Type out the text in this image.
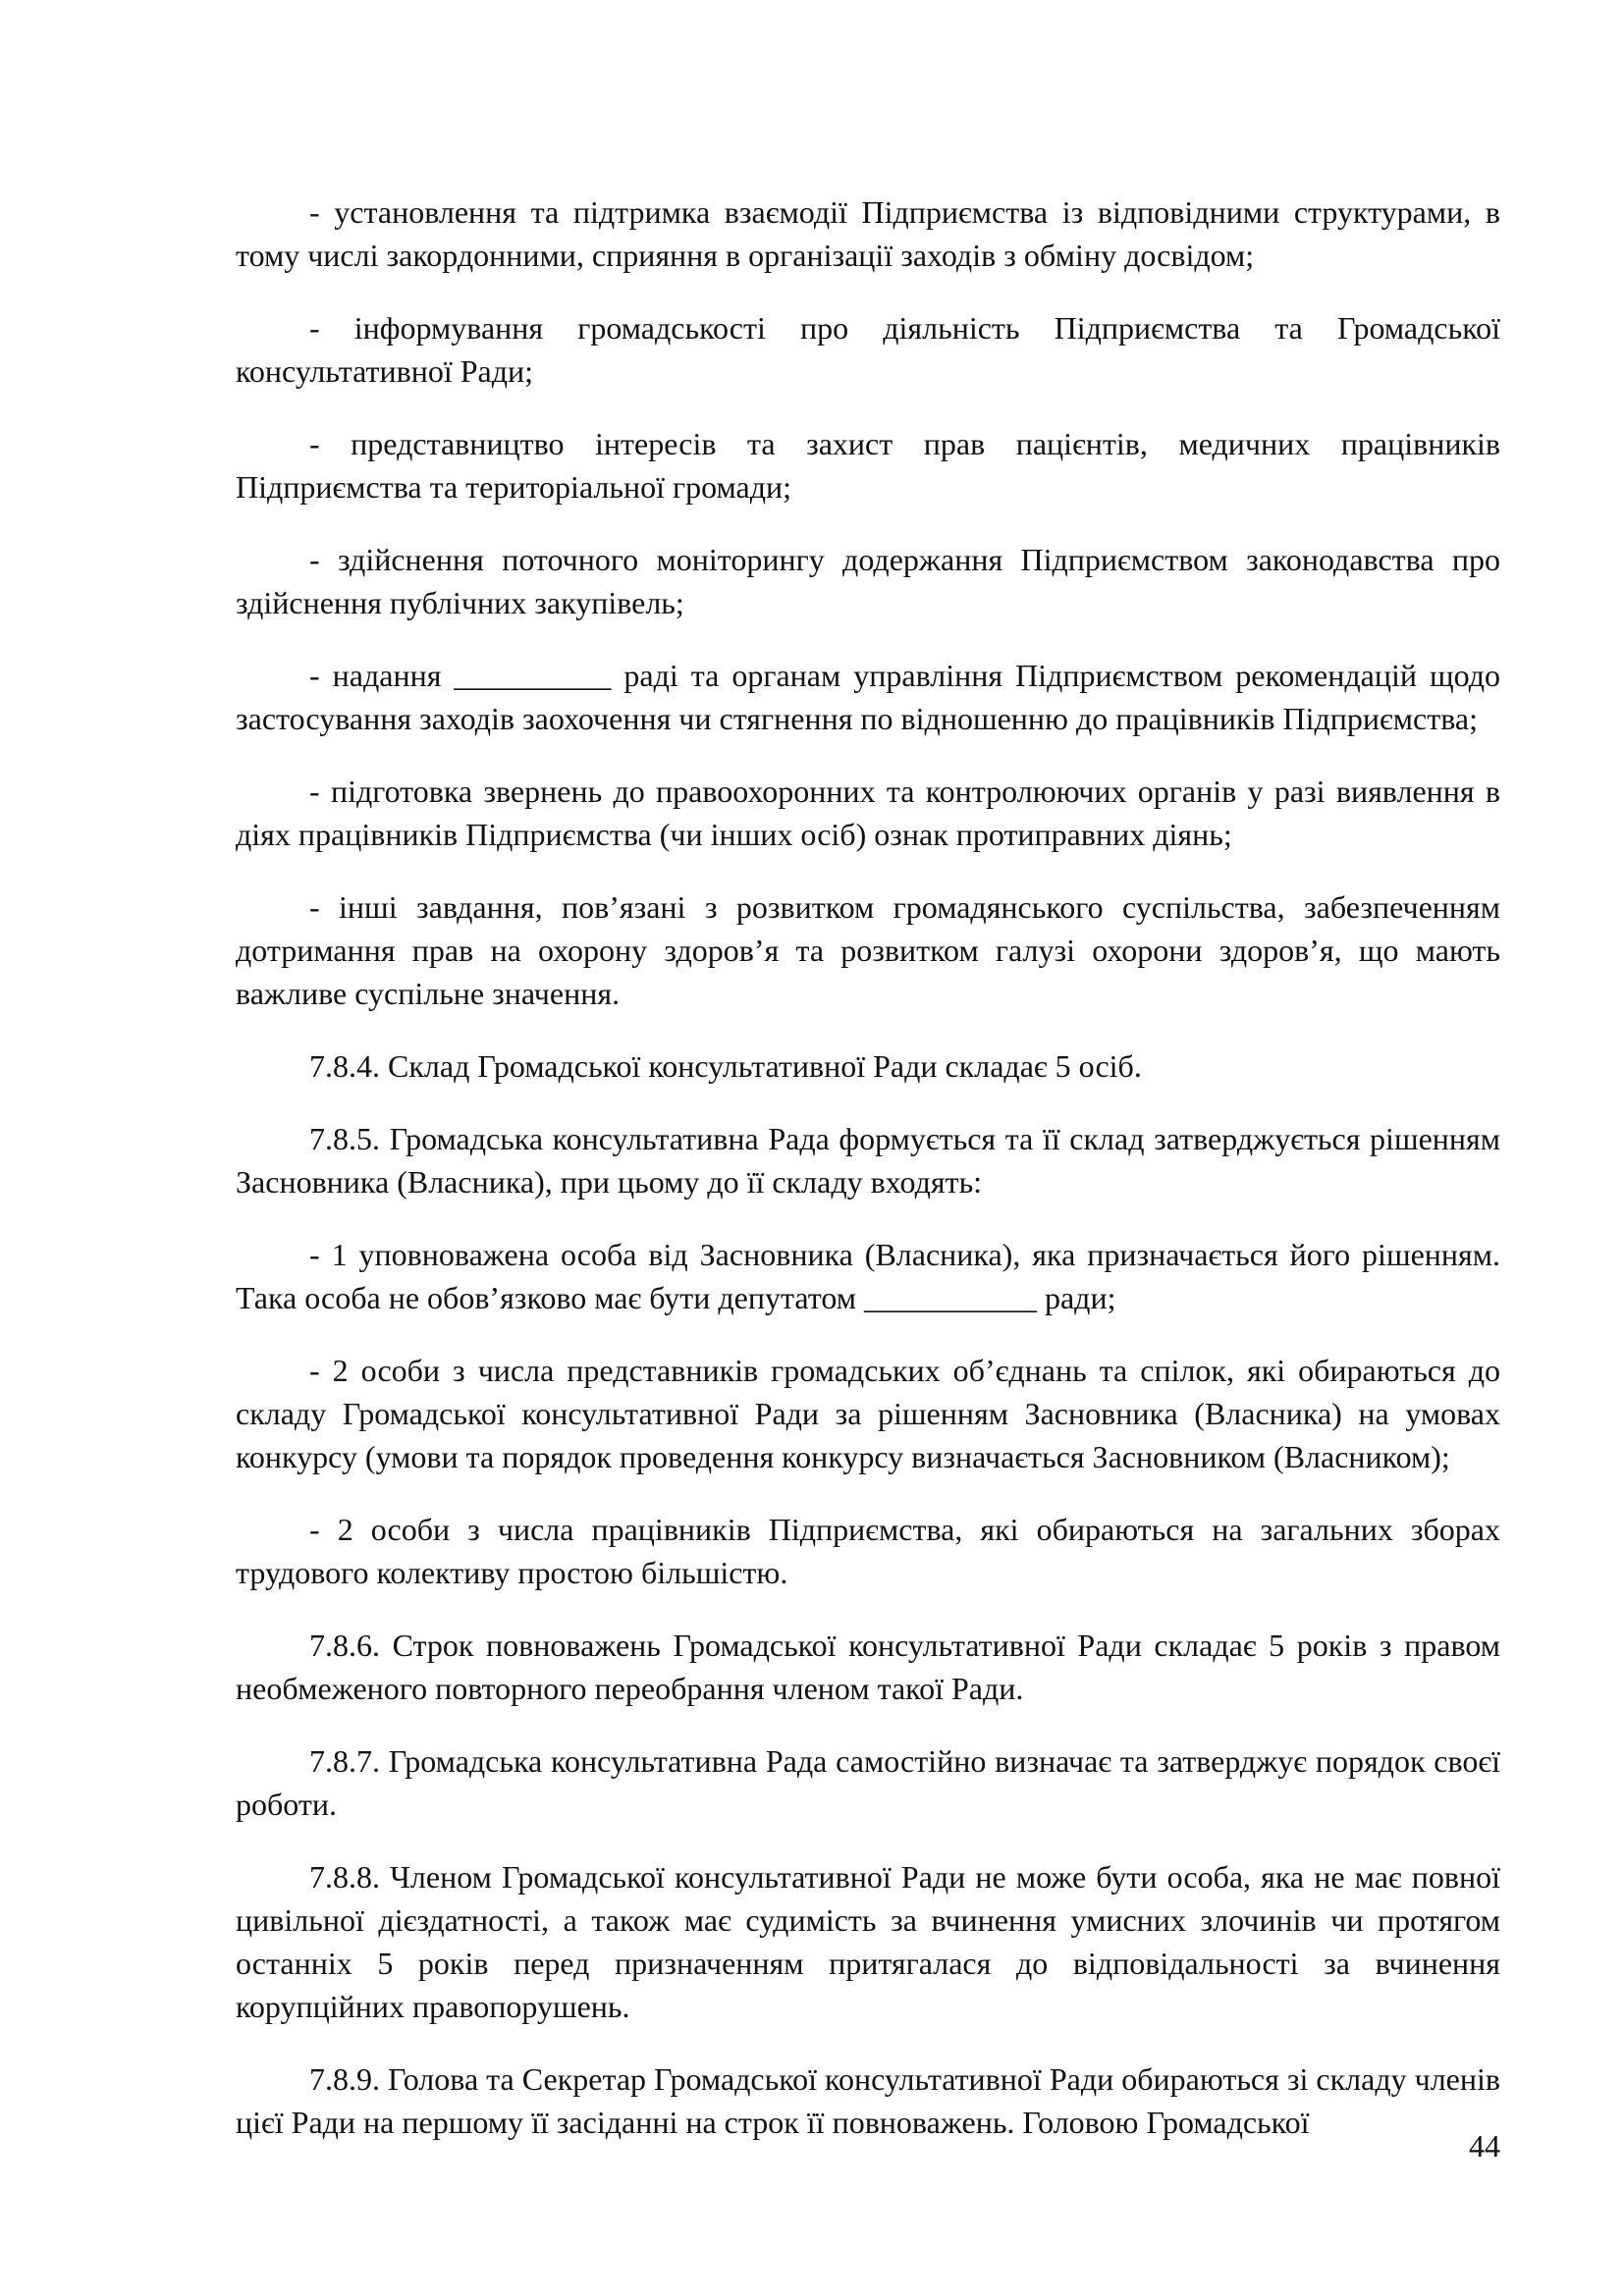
- установлення та підтримка взаємодії Підприємства із відповідними структурами, в тому числі закордонними, сприяння в організації заходів з обміну досвідом;

- інформування громадськості про діяльність Підприємства та Громадської консультативної Ради;

- представництво інтересів та захист прав пацієнтів, медичних працівників Підприємства та територіальної громади;

- здійснення поточного моніторингу додержання Підприємством законодавства про здійснення публічних закупівель;

- надання __________ раді та органам управління Підприємством рекомендацій щодо застосування заходів заохочення чи стягнення по відношенню до працівників Підприємства;

- підготовка звернень до правоохоронних та контролюючих органів у разі виявлення в діях працівників Підприємства (чи інших осіб) ознак протиправних діянь;

- інші завдання, пов’язані з розвитком громадянського суспільства, забезпеченням дотримання прав на охорону здоров’я та розвитком галузі охорони здоров’я, що мають важливе суспільне значення.

7.8.4. Склад Громадської консультативної Ради складає 5 осіб.

7.8.5. Громадська консультативна Рада формується та її склад затверджується рішенням Засновника (Власника), при цьому до її складу входять:

- 1 уповноважена особа від Засновника (Власника), яка призначається його рішенням. Така особа не обов’язково має бути депутатом ___________ ради;

- 2 особи з числа представників громадських об’єднань та спілок, які обираються до складу Громадської консультативної Ради за рішенням Засновника (Власника) на умовах конкурсу (умови та порядок проведення конкурсу визначається Засновником (Власником);

- 2 особи з числа працівників Підприємства, які обираються на загальних зборах трудового колективу простою більшістю.

7.8.6. Строк повноважень Громадської консультативної Ради складає 5 років з правом необмеженого повторного переобрання членом такої Ради.

7.8.7. Громадська консультативна Рада самостійно визначає та затверджує порядок своєї роботи.

7.8.8. Членом Громадської консультативної Ради не може бути особа, яка не має повної цивільної дієздатності, а також має судимість за вчинення умисних злочинів чи протягом останніх 5 років перед призначенням притягалася до відповідальності за вчинення корупційних правопорушень.

7.8.9. Голова та Секретар Громадської консультативної Ради обираються зі складу членів цієї Ради на першому її засіданні на строк її повноважень. Головою Громадської

44
